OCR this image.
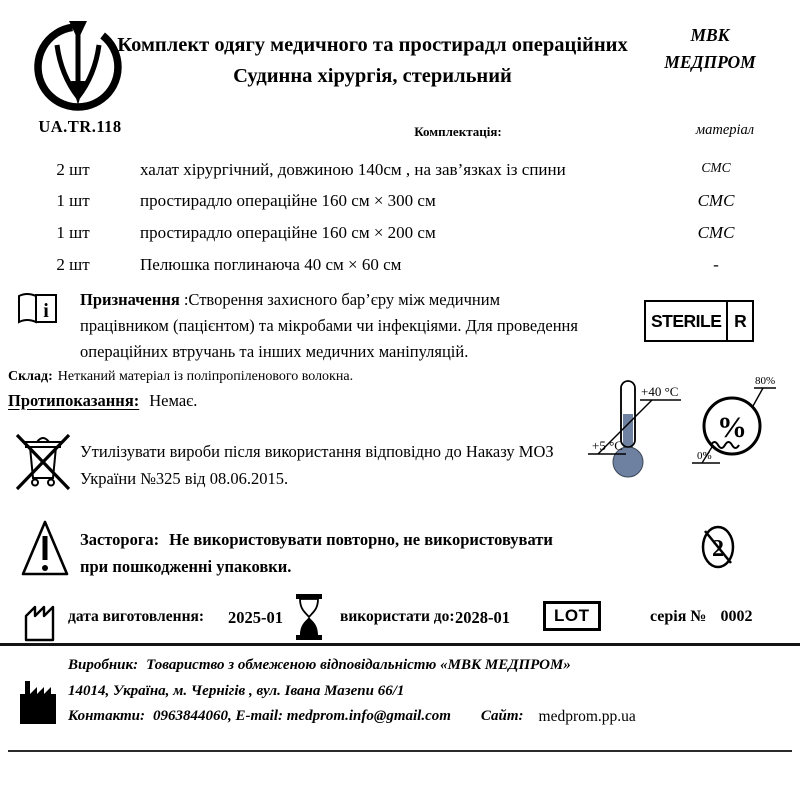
UA.TR.118
Комплект одягу медичного та простирадл операційних
Судинна хірургія, стерильний
МВК
МЕДПРОМ
Комплектація:	матеріал
2 шт	халат хірургічний, довжиною 140см , на зав’язках із спини	СМС
1 шт	простирадло операційне 160 см × 300 см	СМС
1 шт	простирадло операційне 160 см × 200 см	СМС
2 шт	Пелюшка поглинаюча 40 см × 60 см	-
i
Призначення :Створення захисного бар’єру між медичним працівником (пацієнтом) та мікробами чи інфекціями. Для проведення операційних втручань та інших медичних маніпуляцій.
STERILE R
Склад: Нетканий матеріал із поліпропіленового волокна.
Протипоказання: Немає.	+40 °C
+5 °C
%
80%
0%
Утилізувати вироби після використання відповідно до Наказу МОЗ України №325 від 08.06.2015.
Засторога: Не використовувати повторно, не використовувати при пошкодженні упаковки.
2
дата виготовлення: 2025-01	використати до: 2028-01	LOT	серія № 0002
Виробник: Товариство з обмеженою відповідальністю «МВК МЕДПРОМ»
14014, Україна, м. Чернігів , вул. Івана Мазепи 66/1
Контакти: 0963844060, E-mail: medprom.info@gmail.com Сайт: medprom.pp.ua
